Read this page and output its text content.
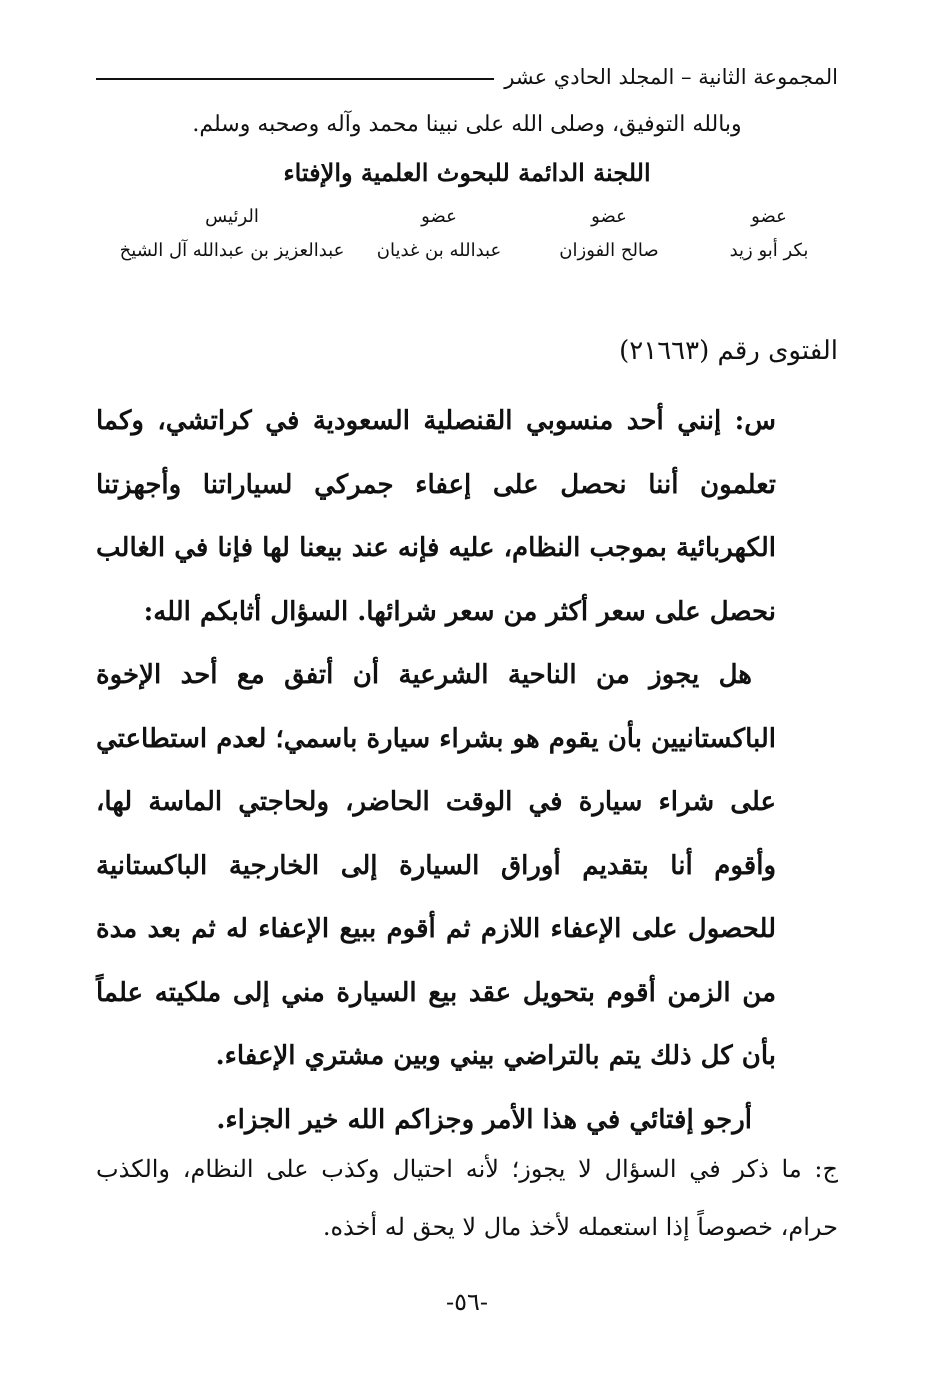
المجموعة الثانية – المجلد الحادي عشر
وبالله التوفيق، وصلى الله على نبينا محمد وآله وصحبه وسلم.
اللجنة الدائمة للبحوث العلمية والإفتاء
عضو
بكر أبو زيد
عضو
صالح الفوزان
عضو
عبدالله بن غديان
الرئيس
عبدالعزيز بن عبدالله آل الشيخ
الفتوى رقم (٢١٦٦٣)

س: إنني أحد منسوبي القنصلية السعودية في كراتشي، وكما تعلمون أننا نحصل على إعفاء جمركي لسياراتنا وأجهزتنا الكهربائية بموجب النظام، عليه فإنه عند بيعنا لها فإنا في الغالب نحصل على سعر أكثر من سعر شرائها. السؤال أثابكم الله:

هل يجوز من الناحية الشرعية أن أتفق مع أحد الإخوة الباكستانيين بأن يقوم هو بشراء سيارة باسمي؛ لعدم استطاعتي على شراء سيارة في الوقت الحاضر، ولحاجتي الماسة لها، وأقوم أنا بتقديم أوراق السيارة إلى الخارجية الباكستانية للحصول على الإعفاء اللازم ثم أقوم ببيع الإعفاء له ثم بعد مدة من الزمن أقوم بتحويل عقد بيع السيارة مني إلى ملكيته علماً بأن كل ذلك يتم بالتراضي بيني وبين مشتري الإعفاء.

أرجو إفتائي في هذا الأمر وجزاكم الله خير الجزاء.

ج: ما ذكر في السؤال لا يجوز؛ لأنه احتيال وكذب على النظام، والكذب حرام، خصوصاً إذا استعمله لأخذ مال لا يحق له أخذه.
-٥٦-
